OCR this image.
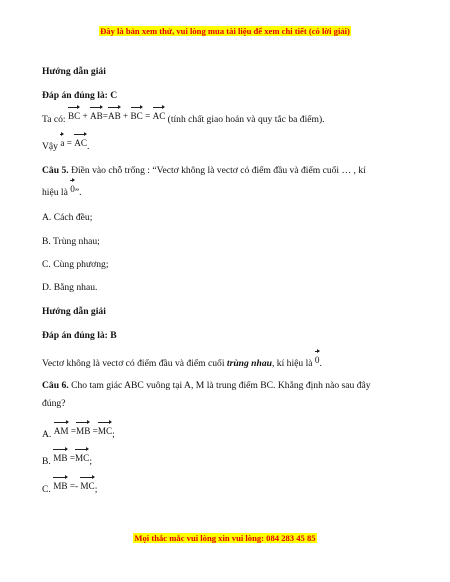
Đây là bản xem thử, vui lòng mua tài liệu để xem chi tiết (có lời giải)
Hướng dẫn giải
Đáp án đúng là: C
Ta có: BC + AB=AB + BC = AC (tính chất giao hoán và quy tắc ba điểm).
Vậy a = AC.
Câu 5. Điền vào chỗ trống : “Vectơ không là vectơ có điểm đầu và điểm cuối … , kí
hiệu là 0”.
A. Cách đều;
B. Trùng nhau;
C. Cùng phương;
D. Bằng nhau.
Hướng dẫn giải
Đáp án đúng là: B
Vectơ không là vectơ có điểm đầu và điểm cuối trùng nhau, kí hiệu là 0.
Câu 6. Cho tam giác ABC vuông tại A, M là trung điểm BC. Khẳng định nào sau đây
đúng?
A. AM =MB =MC;
B. MB =MC;
C. MB =- MC;
Mọi thắc mắc vui lòng xin vui lòng: 084 283 45 85
